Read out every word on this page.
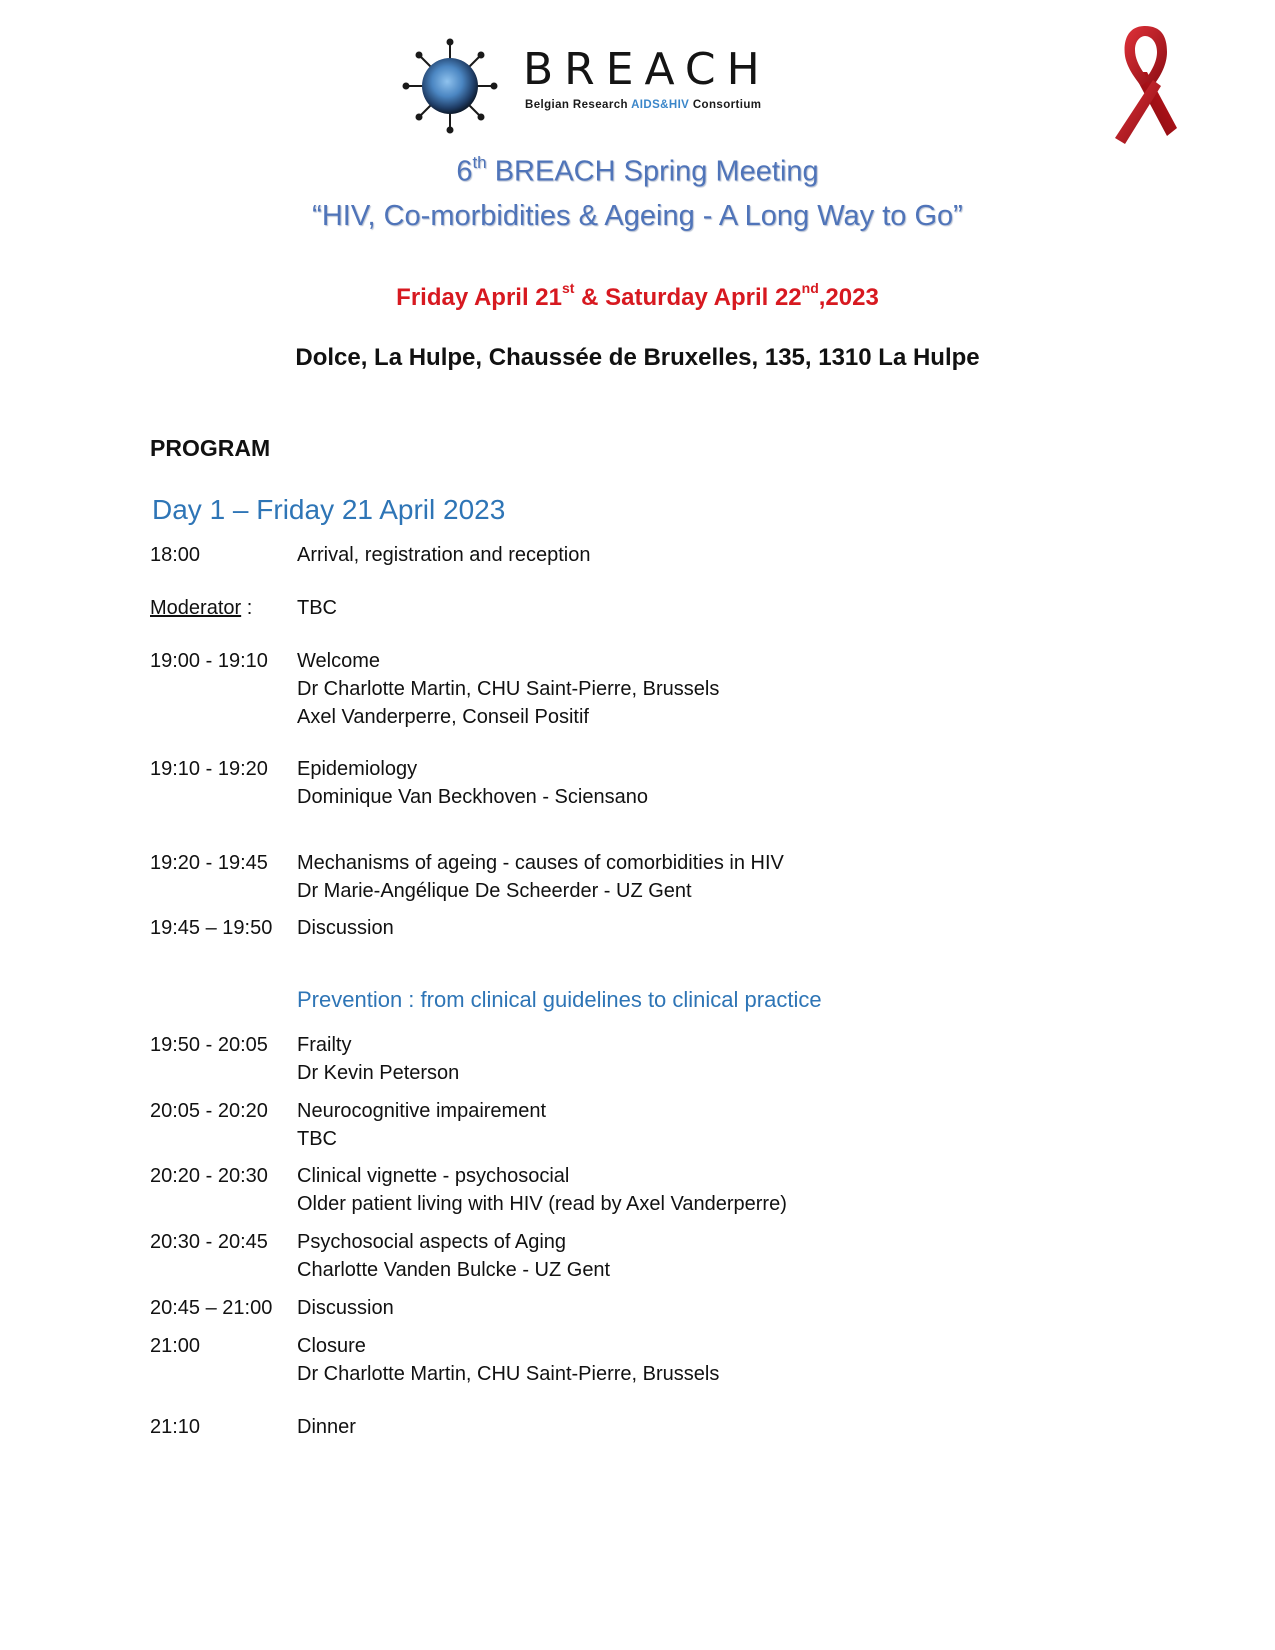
BREACH
Belgian Research AIDS&HIV Consortium
6th BREACH Spring Meeting
“HIV, Co-morbidities & Ageing - A Long Way to Go”
Friday April 21st & Saturday April 22nd,2023
Dolce, La Hulpe, Chaussée de Bruxelles, 135, 1310 La Hulpe
PROGRAM
Day 1 – Friday 21 April 2023
18:00	Arrival, registration and reception
Moderator : TBC
19:00 - 19:10 Welcome
Dr Charlotte Martin, CHU Saint-Pierre, Brussels
Axel Vanderperre, Conseil Positif
19:10 - 19:20 Epidemiology
Dominique Van Beckhoven - Sciensano
19:20 - 19:45 Mechanisms of ageing - causes of comorbidities in HIV
Dr Marie-Angélique De Scheerder - UZ Gent
19:45 – 19:50 Discussion
Prevention : from clinical guidelines to clinical practice
19:50 - 20:05 Frailty
Dr Kevin Peterson
20:05 - 20:20 Neurocognitive impairement
TBC
20:20 - 20:30 Clinical vignette - psychosocial
Older patient living with HIV (read by Axel Vanderperre)
20:30 - 20:45 Psychosocial aspects of Aging
Charlotte Vanden Bulcke - UZ Gent
20:45 – 21:00 Discussion
21:00	Closure
Dr Charlotte Martin, CHU Saint-Pierre, Brussels
21:10	Dinner
